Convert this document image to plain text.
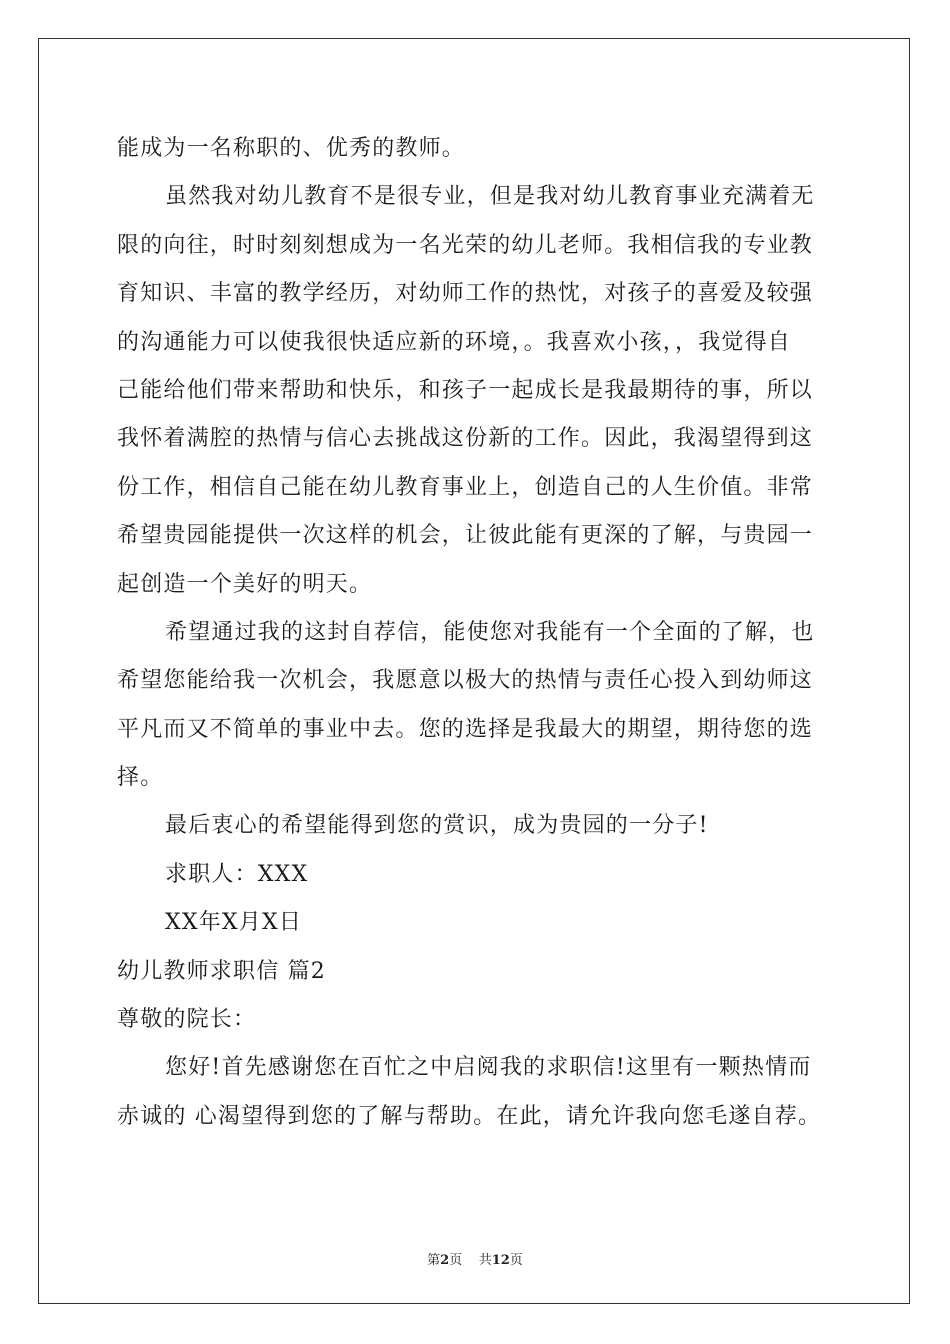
能成为一名称职的、优秀的教师。

虽然我对幼儿教育不是很专业，但是我对幼儿教育事业充满着无

限的向往，时时刻刻想成为一名光荣的幼儿老师。我相信我的专业教

育知识、丰富的教学经历，对幼师工作的热忱，对孩子的喜爱及较强

的沟通能力可以使我很快适应新的环境，。我喜欢小孩，，我觉得自

己能给他们带来帮助和快乐，和孩子一起成长是我最期待的事，所以

我怀着满腔的热情与信心去挑战这份新的工作。因此，我渴望得到这

份工作，相信自己能在幼儿教育事业上，创造自己的人生价值。非常

希望贵园能提供一次这样的机会，让彼此能有更深的了解，与贵园一

起创造一个美好的明天。

希望通过我的这封自荐信，能使您对我能有一个全面的了解，也

希望您能给我一次机会，我愿意以极大的热情与责任心投入到幼师这

平凡而又不简单的事业中去。您的选择是我最大的期望，期待您的选

择。

最后衷心的希望能得到您的赏识，成为贵园的一分子!

求职人：XXX

XX年X月X日

幼儿教师求职信 篇2

尊敬的院长：

您好!首先感谢您在百忙之中启阅我的求职信!这里有一颗热情而

赤诚的 心渴望得到您的了解与帮助。在此，请允许我向您毛遂自荐。

第2页 共12页
